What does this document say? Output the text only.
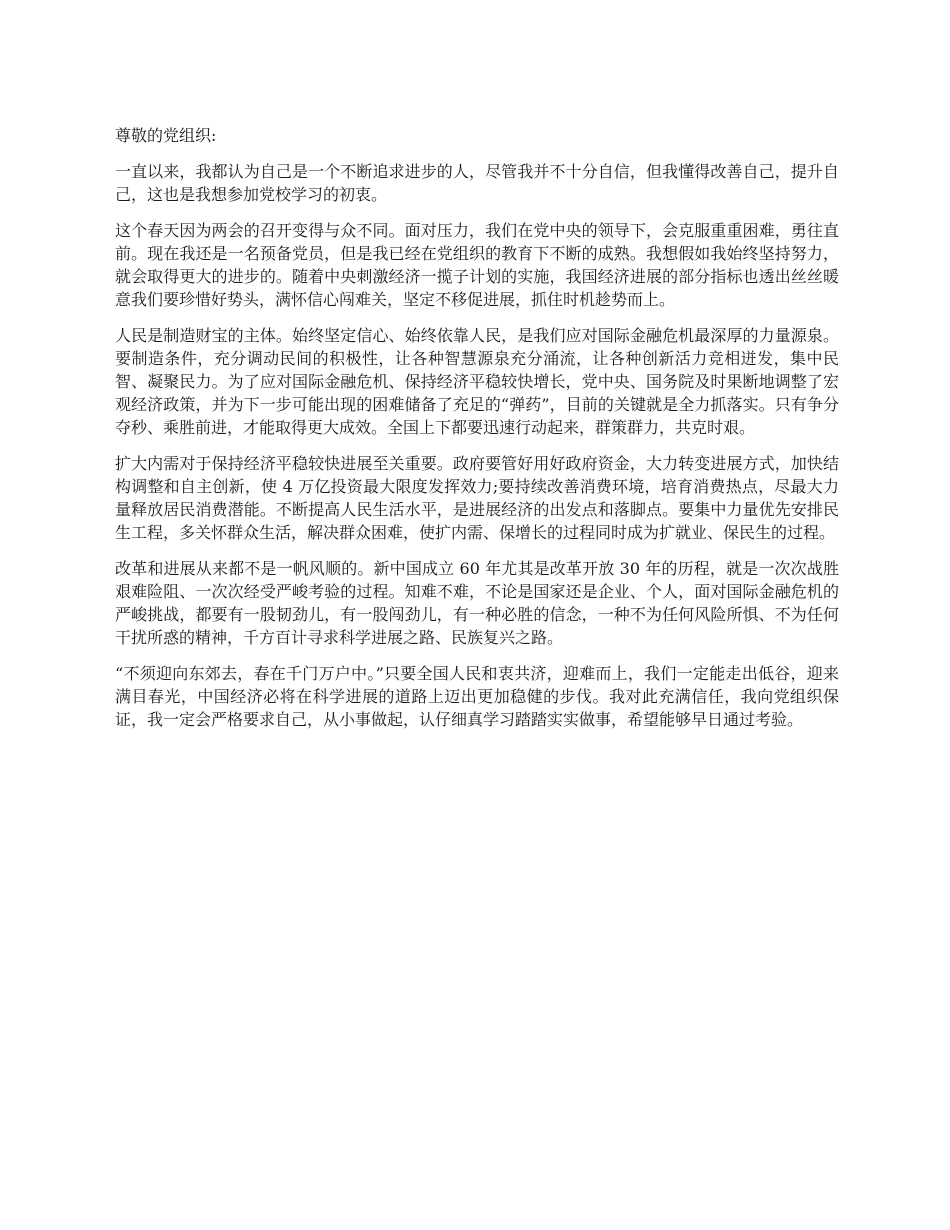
尊敬的党组织:

一直以来，我都认为自己是一个不断追求进步的人，尽管我并不十分自信，但我懂得改善自己，提升自己，这也是我想参加党校学习的初衷。

这个春天因为两会的召开变得与众不同。面对压力，我们在党中央的领导下，会克服重重困难，勇往直前。现在我还是一名预备党员，但是我已经在党组织的教育下不断的成熟。我想假如我始终坚持努力，就会取得更大的进步的。随着中央刺激经济一揽子计划的实施，我国经济进展的部分指标也透出丝丝暖意我们要珍惜好势头，满怀信心闯难关，坚定不移促进展，抓住时机趁势而上。

人民是制造财宝的主体。始终坚定信心、始终依靠人民，是我们应对国际金融危机最深厚的力量源泉。要制造条件，充分调动民间的积极性，让各种智慧源泉充分涌流，让各种创新活力竞相迸发，集中民智、凝聚民力。为了应对国际金融危机、保持经济平稳较快增长，党中央、国务院及时果断地调整了宏观经济政策，并为下一步可能出现的困难储备了充足的“弹药”，目前的关键就是全力抓落实。只有争分夺秒、乘胜前进，才能取得更大成效。全国上下都要迅速行动起来，群策群力，共克时艰。

扩大内需对于保持经济平稳较快进展至关重要。政府要管好用好政府资金，大力转变进展方式，加快结构调整和自主创新，使 4 万亿投资最大限度发挥效力;要持续改善消费环境，培育消费热点，尽最大力量释放居民消费潜能。不断提高人民生活水平，是进展经济的出发点和落脚点。要集中力量优先安排民生工程，多关怀群众生活，解决群众困难，使扩内需、保增长的过程同时成为扩就业、保民生的过程。

改革和进展从来都不是一帆风顺的。新中国成立 60 年尤其是改革开放 30 年的历程，就是一次次战胜艰难险阻、一次次经受严峻考验的过程。知难不难，不论是国家还是企业、个人，面对国际金融危机的严峻挑战，都要有一股韧劲儿，有一股闯劲儿，有一种必胜的信念，一种不为任何风险所惧、不为任何干扰所惑的精神，千方百计寻求科学进展之路、民族复兴之路。

“不须迎向东郊去，春在千门万户中。”只要全国人民和衷共济，迎难而上，我们一定能走出低谷，迎来满目春光，中国经济必将在科学进展的道路上迈出更加稳健的步伐。我对此充满信任，我向党组织保证，我一定会严格要求自己，从小事做起，认仔细真学习踏踏实实做事，希望能够早日通过考验。
